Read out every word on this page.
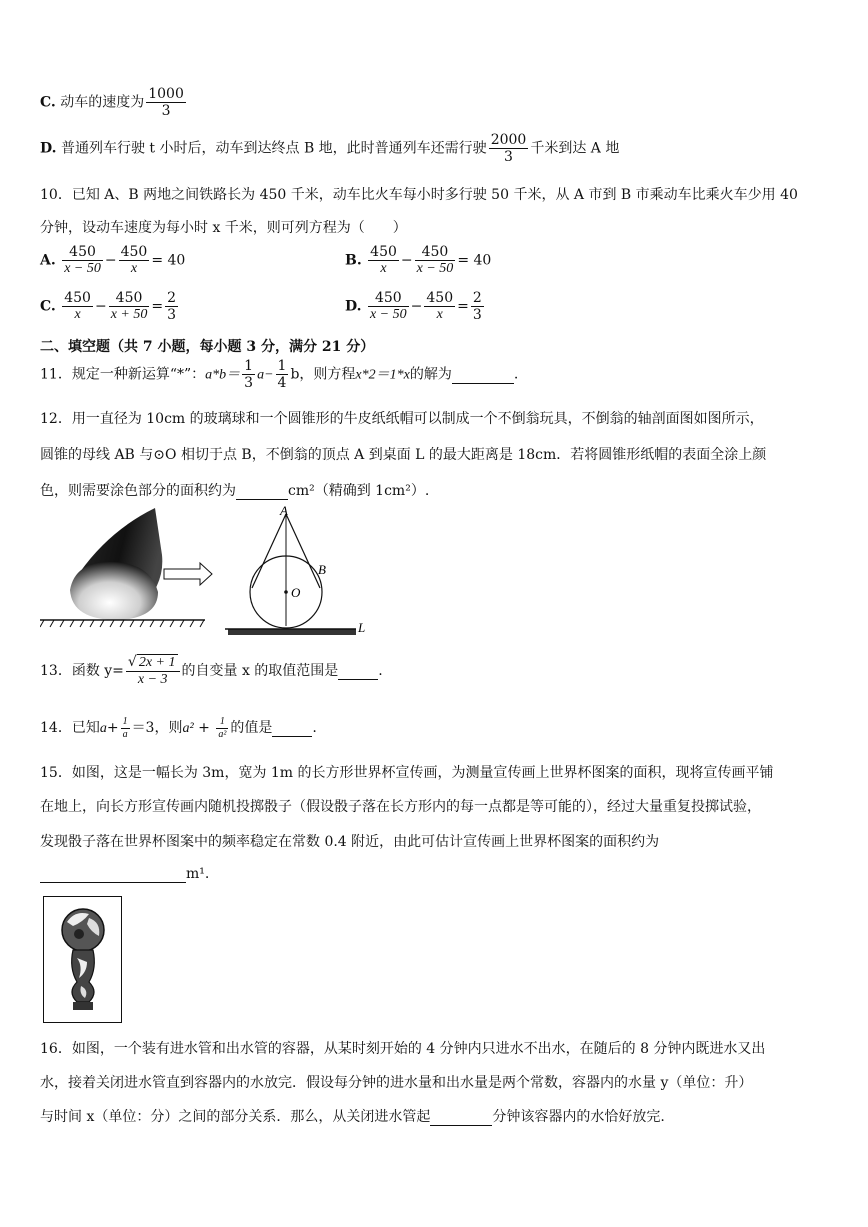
C. 动车的速度为 $\frac{1000}{3}$
D. 普通列车行驶 t 小时后，动车到达终点 B 地，此时普通列车还需行驶 $\frac{2000}{3}$ 千米到达 A 地
10．已知 A、B 两地之间铁路长为 450 千米，动车比火车每小时多行驶 50 千米，从 A 市到 B 市乘动车比乘火车少用 40
分钟，设动车速度为每小时 x 千米，则可列方程为（　　）
A. $\frac{450}{x - 50} - \frac{450}{x} = 40$	B. $\frac{450}{x} - \frac{450}{x - 50} = 40$
C. $\frac{450}{x} - \frac{450}{x + 50} = \frac{2}{3}$	D. $\frac{450}{x - 50} - \frac{450}{x} = \frac{2}{3}$
二、填空题（共 7 小题，每小题 3 分，满分 21 分）
11．规定一种新运算“*”：$a*b= \frac{1}{3} a- \frac{1}{4}$ b，则方程x*2＝1*x的解为	.
12．用一直径为 10cm 的玻璃球和一个圆锥形的牛皮纸纸帽可以制成一个不倒翁玩具，不倒翁的轴剖面图如图所示，
圆锥的母线 AB 与⊙O 相切于点 B，不倒翁的顶点 A 到桌面 L 的最大距离是 18cm．若将圆锥形纸帽的表面全涂上颜
色，则需要涂色部分的面积约为	cm²（精确到 1cm²）.
A
B
O
L
13．函数 $y= \frac{√ 2x + 1}{x - 3}$ 的自变量 x 的取值范围是	.
14．已知$a+ \frac{1}{a} =3$，则$a^2 + \frac{1}{\text{a²}}$ 的值是	.
15．如图，这是一幅长为 3m，宽为 1m 的长方形世界杯宣传画，为测量宣传画上世界杯图案的面积，现将宣传画平铺
在地上，向长方形宣传画内随机投掷骰子（假设骰子落在长方形内的每一点都是等可能的），经过大量重复投掷试验，
发现骰子落在世界杯图案中的频率稳定在常数 0.4 附近，由此可估计宣传画上世界杯图案的面积约为
m¹.
16．如图，一个装有进水管和出水管的容器，从某时刻开始的 4 分钟内只进水不出水，在随后的 8 分钟内既进水又出
水，接着关闭进水管直到容器内的水放完．假设每分钟的进水量和出水量是两个常数，容器内的水量 y（单位：升）
与时间 x（单位：分）之间的部分关系．那么，从关闭进水管起	分钟该容器内的水恰好放完.
